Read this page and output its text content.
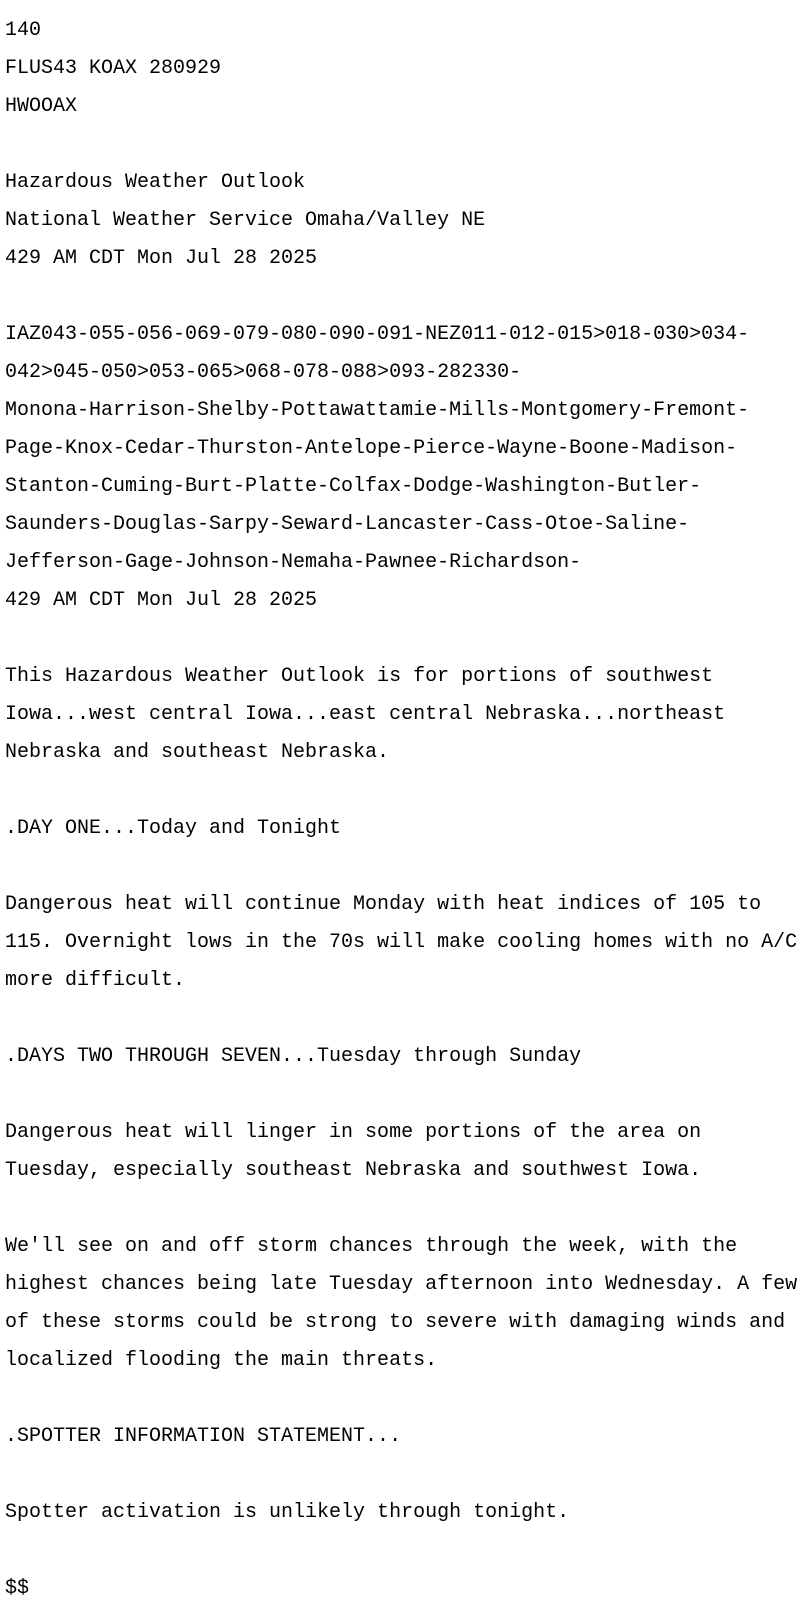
140

FLUS43 KOAX 280929

HWOOAX

Hazardous Weather Outlook

National Weather Service Omaha/Valley NE

429 AM CDT Mon Jul 28 2025

IAZ043-055-056-069-079-080-090-091-NEZ011-012-015>018-030>034-

042>045-050>053-065>068-078-088>093-282330-

Monona-Harrison-Shelby-Pottawattamie-Mills-Montgomery-Fremont-

Page-Knox-Cedar-Thurston-Antelope-Pierce-Wayne-Boone-Madison-

Stanton-Cuming-Burt-Platte-Colfax-Dodge-Washington-Butler-

Saunders-Douglas-Sarpy-Seward-Lancaster-Cass-Otoe-Saline-

Jefferson-Gage-Johnson-Nemaha-Pawnee-Richardson-

429 AM CDT Mon Jul 28 2025

This Hazardous Weather Outlook is for portions of southwest

Iowa...west central Iowa...east central Nebraska...northeast

Nebraska and southeast Nebraska.

.DAY ONE...Today and Tonight

Dangerous heat will continue Monday with heat indices of 105 to

115. Overnight lows in the 70s will make cooling homes with no A/C

more difficult.

.DAYS TWO THROUGH SEVEN...Tuesday through Sunday

Dangerous heat will linger in some portions of the area on

Tuesday, especially southeast Nebraska and southwest Iowa.

We'll see on and off storm chances through the week, with the

highest chances being late Tuesday afternoon into Wednesday. A few

of these storms could be strong to severe with damaging winds and

localized flooding the main threats.

.SPOTTER INFORMATION STATEMENT...

Spotter activation is unlikely through tonight.

$$
